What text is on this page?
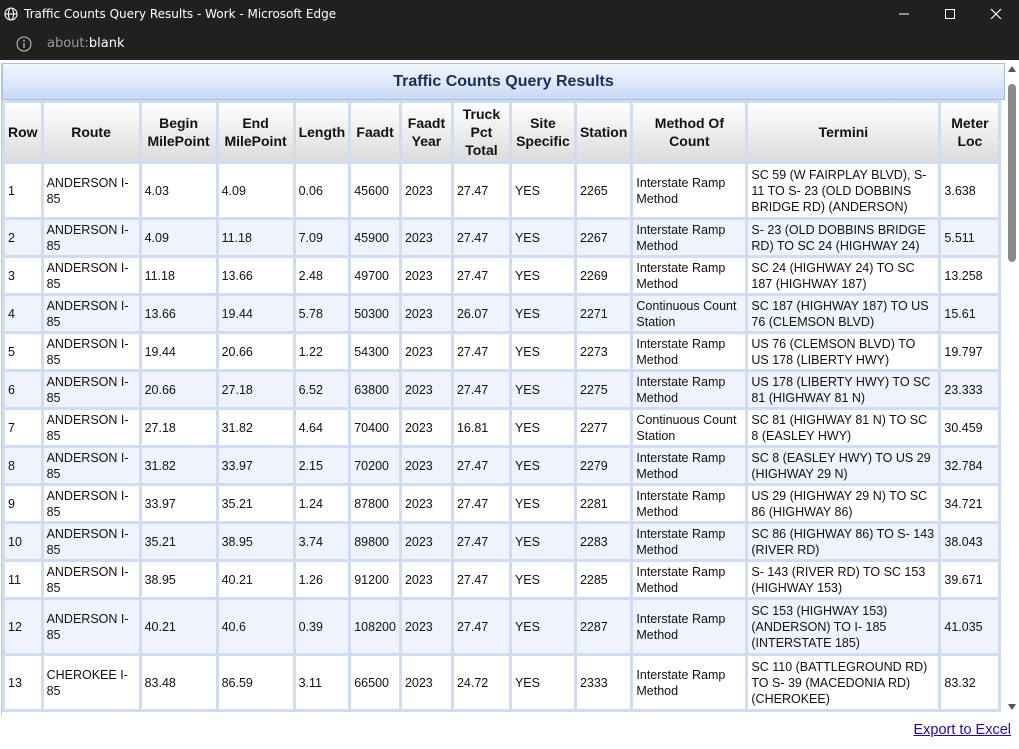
Traffic Counts Query Results - Work - Microsoft Edge
about:blank
Traffic Counts Query Results
Row	Route	Begin MilePoint	End MilePoint	Length	Faadt	Faadt Year	Truck Pct Total	Site Specific	Station	Method Of Count	Termini	Meter Loc
1	ANDERSON I- 85	4.03	4.09	0.06	45600	2023	27.47	YES	2265	Interstate Ramp Method	SC 59 (W FAIRPLAY BLVD), S- 11 TO S- 23 (OLD DOBBINS BRIDGE RD) (ANDERSON)	3.638
2	ANDERSON I- 85	4.09	11.18	7.09	45900	2023	27.47	YES	2267	Interstate Ramp Method	S- 23 (OLD DOBBINS BRIDGE RD) TO SC 24 (HIGHWAY 24)	5.511
3	ANDERSON I- 85	11.18	13.66	2.48	49700	2023	27.47	YES	2269	Interstate Ramp Method	SC 24 (HIGHWAY 24) TO SC 187 (HIGHWAY 187)	13.258
4	ANDERSON I- 85	13.66	19.44	5.78	50300	2023	26.07	YES	2271	Continuous Count Station	SC 187 (HIGHWAY 187) TO US 76 (CLEMSON BLVD)	15.61
5	ANDERSON I- 85	19.44	20.66	1.22	54300	2023	27.47	YES	2273	Interstate Ramp Method	US 76 (CLEMSON BLVD) TO US 178 (LIBERTY HWY)	19.797
6	ANDERSON I- 85	20.66	27.18	6.52	63800	2023	27.47	YES	2275	Interstate Ramp Method	US 178 (LIBERTY HWY) TO SC 81 (HIGHWAY 81 N)	23.333
7	ANDERSON I- 85	27.18	31.82	4.64	70400	2023	16.81	YES	2277	Continuous Count Station	SC 81 (HIGHWAY 81 N) TO SC 8 (EASLEY HWY)	30.459
8	ANDERSON I- 85	31.82	33.97	2.15	70200	2023	27.47	YES	2279	Interstate Ramp Method	SC 8 (EASLEY HWY) TO US 29 (HIGHWAY 29 N)	32.784
9	ANDERSON I- 85	33.97	35.21	1.24	87800	2023	27.47	YES	2281	Interstate Ramp Method	US 29 (HIGHWAY 29 N) TO SC 86 (HIGHWAY 86)	34.721
10	ANDERSON I- 85	35.21	38.95	3.74	89800	2023	27.47	YES	2283	Interstate Ramp Method	SC 86 (HIGHWAY 86) TO S- 143 (RIVER RD)	38.043
11	ANDERSON I- 85	38.95	40.21	1.26	91200	2023	27.47	YES	2285	Interstate Ramp Method	S- 143 (RIVER RD) TO SC 153 (HIGHWAY 153)	39.671
12	ANDERSON I- 85	40.21	40.6	0.39	108200	2023	27.47	YES	2287	Interstate Ramp Method	SC 153 (HIGHWAY 153) (ANDERSON) TO I- 185 (INTERSTATE 185)	41.035
13	CHEROKEE I- 85	83.48	86.59	3.11	66500	2023	24.72	YES	2333	Interstate Ramp Method	SC 110 (BATTLEGROUND RD) TO S- 39 (MACEDONIA RD) (CHEROKEE)	83.32
Export to Excel
